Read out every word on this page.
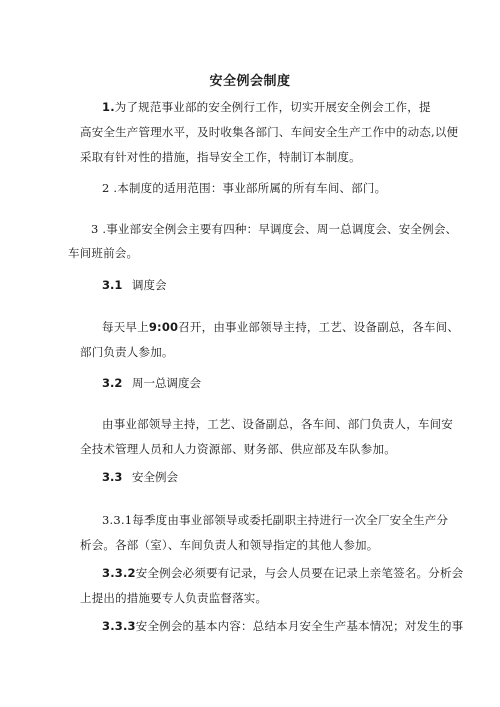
安全例会制度
1.为了规范事业部的安全例行工作，切实开展安全例会工作，提
高安全生产管理水平，及时收集各部门、车间安全生产工作中的动态,以便
采取有针对性的措施，指导安全工作，特制订本制度。
2 .本制度的适用范围：事业部所属的所有车间、部门。
3 .事业部安全例会主要有四种：早调度会、周一总调度会、安全例会、
车间班前会。
3.1 调度会
每天早上9:00召开，由事业部领导主持，工艺、设备副总，各车间、
部门负责人参加。
3.2 周一总调度会
由事业部领导主持，工艺、设备副总，各车间、部门负责人，车间安
全技术管理人员和人力资源部、财务部、供应部及车队参加。
3.3 安全例会
3.3.1每季度由事业部领导或委托副职主持进行一次全厂安全生产分
析会。各部（室）、车间负责人和领导指定的其他人参加。
3.3.2安全例会必须要有记录，与会人员要在记录上亲笔签名。分析会
上提出的措施要专人负责监督落实。
3.3.3安全例会的基本内容：总结本月安全生产基本情况；对发生的事
